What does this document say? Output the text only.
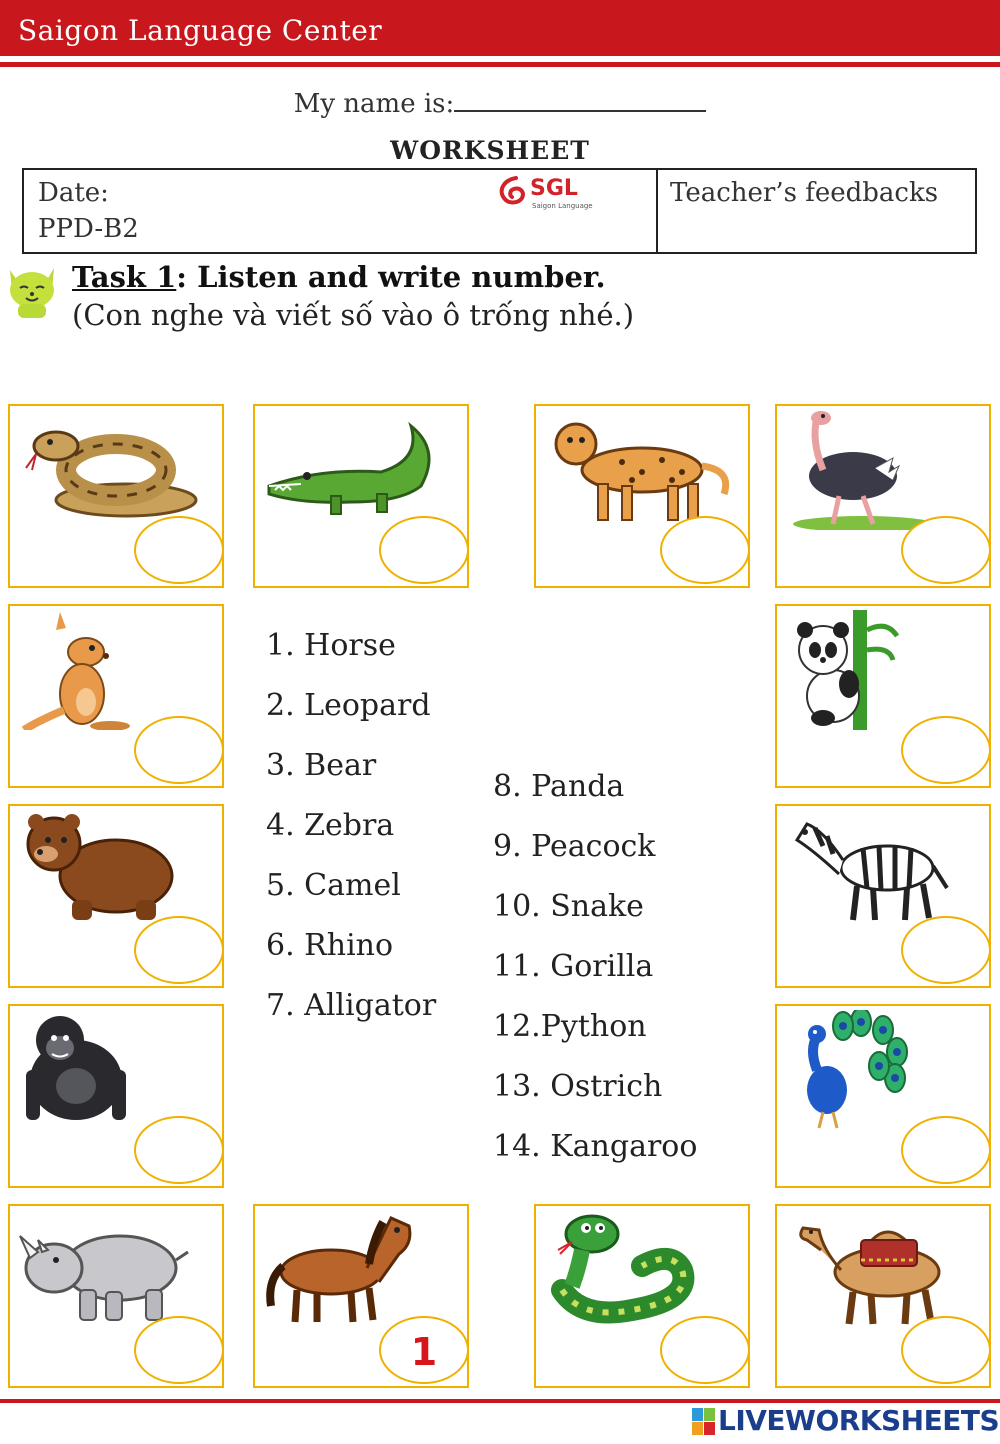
Saigon Language Center
My name is:
WORKSHEET
Date:
PPD-B2
SGL
Saigon Language	Teacher’s feedbacks
Task 1: Listen and write number.
(Con nghe và viết số vào ô trống nhé.)
1
1. Horse
2. Leopard
3. Bear
4. Zebra
5. Camel
6. Rhino
7. Alligator
8. Panda
9. Peacock
10. Snake
11. Gorilla
12.Python
13. Ostrich
14. Kangaroo
LIVEWORKSHEETS
